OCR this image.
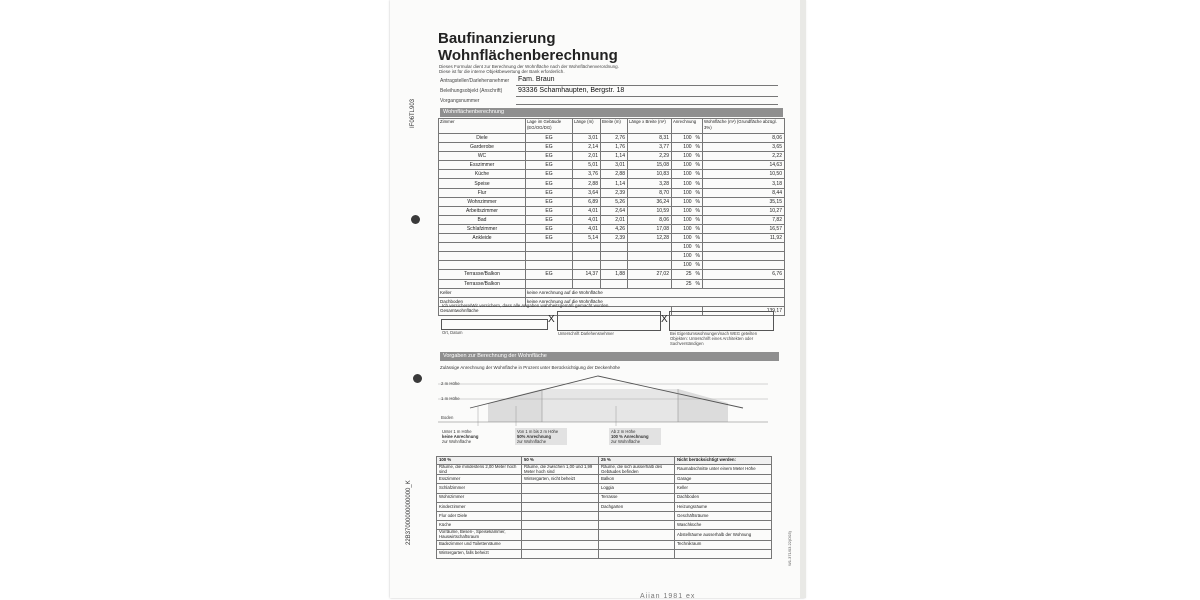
IF06TL903
22B37000000000000_K
Baufinanzierung
Wohnflächenberechnung
Dieses Formular dient zur Berechnung der Wohnfläche nach der Wohnflächenverordnung.
Diese ist für die interne Objektbewertung der Bank erforderlich.
Antragsteller/Darlehensnehmer Fam. Braun
Beleihungsobjekt (Anschrift) 93336 Schamhaupten, Bergstr. 18
Vorgangsnummer
Wohnflächenberechnung
Zimmer	Lage im Gebäude (EG/OG/DG)	Länge (m)	Breite (m)	Länge x Breite (m²)	Anrechnung	Wohnfläche (m²) (Grundfläche abzügl. 3%)
Diele	EG	3,01	2,76	8,31	100 %	8,06
Garderobe	EG	2,14	1,76	3,77	100 %	3,65
WC	EG	2,01	1,14	2,29	100 %	2,22
Esszimmer	EG	5,01	3,01	15,08	100 %	14,63
Küche	EG	3,76	2,88	10,83	100 %	10,50
Speise	EG	2,88	1,14	3,28	100 %	3,18
Flur	EG	3,64	2,39	8,70	100 %	8,44
Wohnzimmer	EG	6,89	5,26	36,24	100 %	35,15
Arbeitszimmer	EG	4,01	2,64	10,59	100 %	10,27
Bad	EG	4,01	2,01	8,06	100 %	7,82
Schlafzimmer	EG	4,01	4,26	17,08	100 %	16,57
Ankleide	EG	5,14	2,39	12,28	100 %	11,92
					100 %	
					100 %	
					100 %	
Terrasse/Balkon	EG	14,37	1,88	27,02	25 %	6,76
Terrasse/Balkon					25 %	
Keller	keine Anrechnung auf die Wohnfläche					
Dachboden	keine Anrechnung auf die Wohnfläche					
Gesamtwohnfläche						139,17
Ich versichere/Wir versichern, dass alle Angaben wahrheitsgemäß gemacht wurden.
Ort, Datum
X
Unterschrift Darlehensnehmer
X
Bei Eigentumswohnungen/nach WEG geteilten
Objekten: Unterschrift eines Architekten oder
Sachverständigen
Vorgaben zur Berechnung der Wohnfläche
Zulässige Anrechnung der Wohnfläche in Prozent unter Berücksichtigung der Deckenhöhe
2 m Höhe
1 m Höhe
Boden
Unter 1 m Höhe
keine Anrechnung
zur Wohnfläche
Von 1 m bis 2 m Höhe
50% Anrechnung
zur Wohnfläche
Ab 2 m Höhe
100 % Anrechnung
zur Wohnfläche
100 %	50 %	25 %	Nicht berücksichtigt werden:
Räume, die mindestens 2,00 Meter hoch sind	Räume, die zwischen 1,00 und 1,99 Meter hoch sind	Räume, die sich ausserhalb des Gebäudes befinden	Raumabschnitte unter einem Meter Höhe
Esszimmer	Wintergarten, nicht beheizt	Balkon	Garage
Schlafzimmer		Loggia	Keller
Wohnzimmer		Terrasse	Dachboden
Kinderzimmer		Dachgarten	Heizungsräume
Flur oder Diele			Geschäftsräume
Küche			Waschküche
Vorräume, Besen-, Speisekammer, Hauswirtschaftsraum			Abstellräume ausserhalb der Wohnung
Badezimmer und Toilettenräume			Technikraum
Wintergarten, falls beheizt				W1.371/03.22(D03)
Aiian 1981 ex
